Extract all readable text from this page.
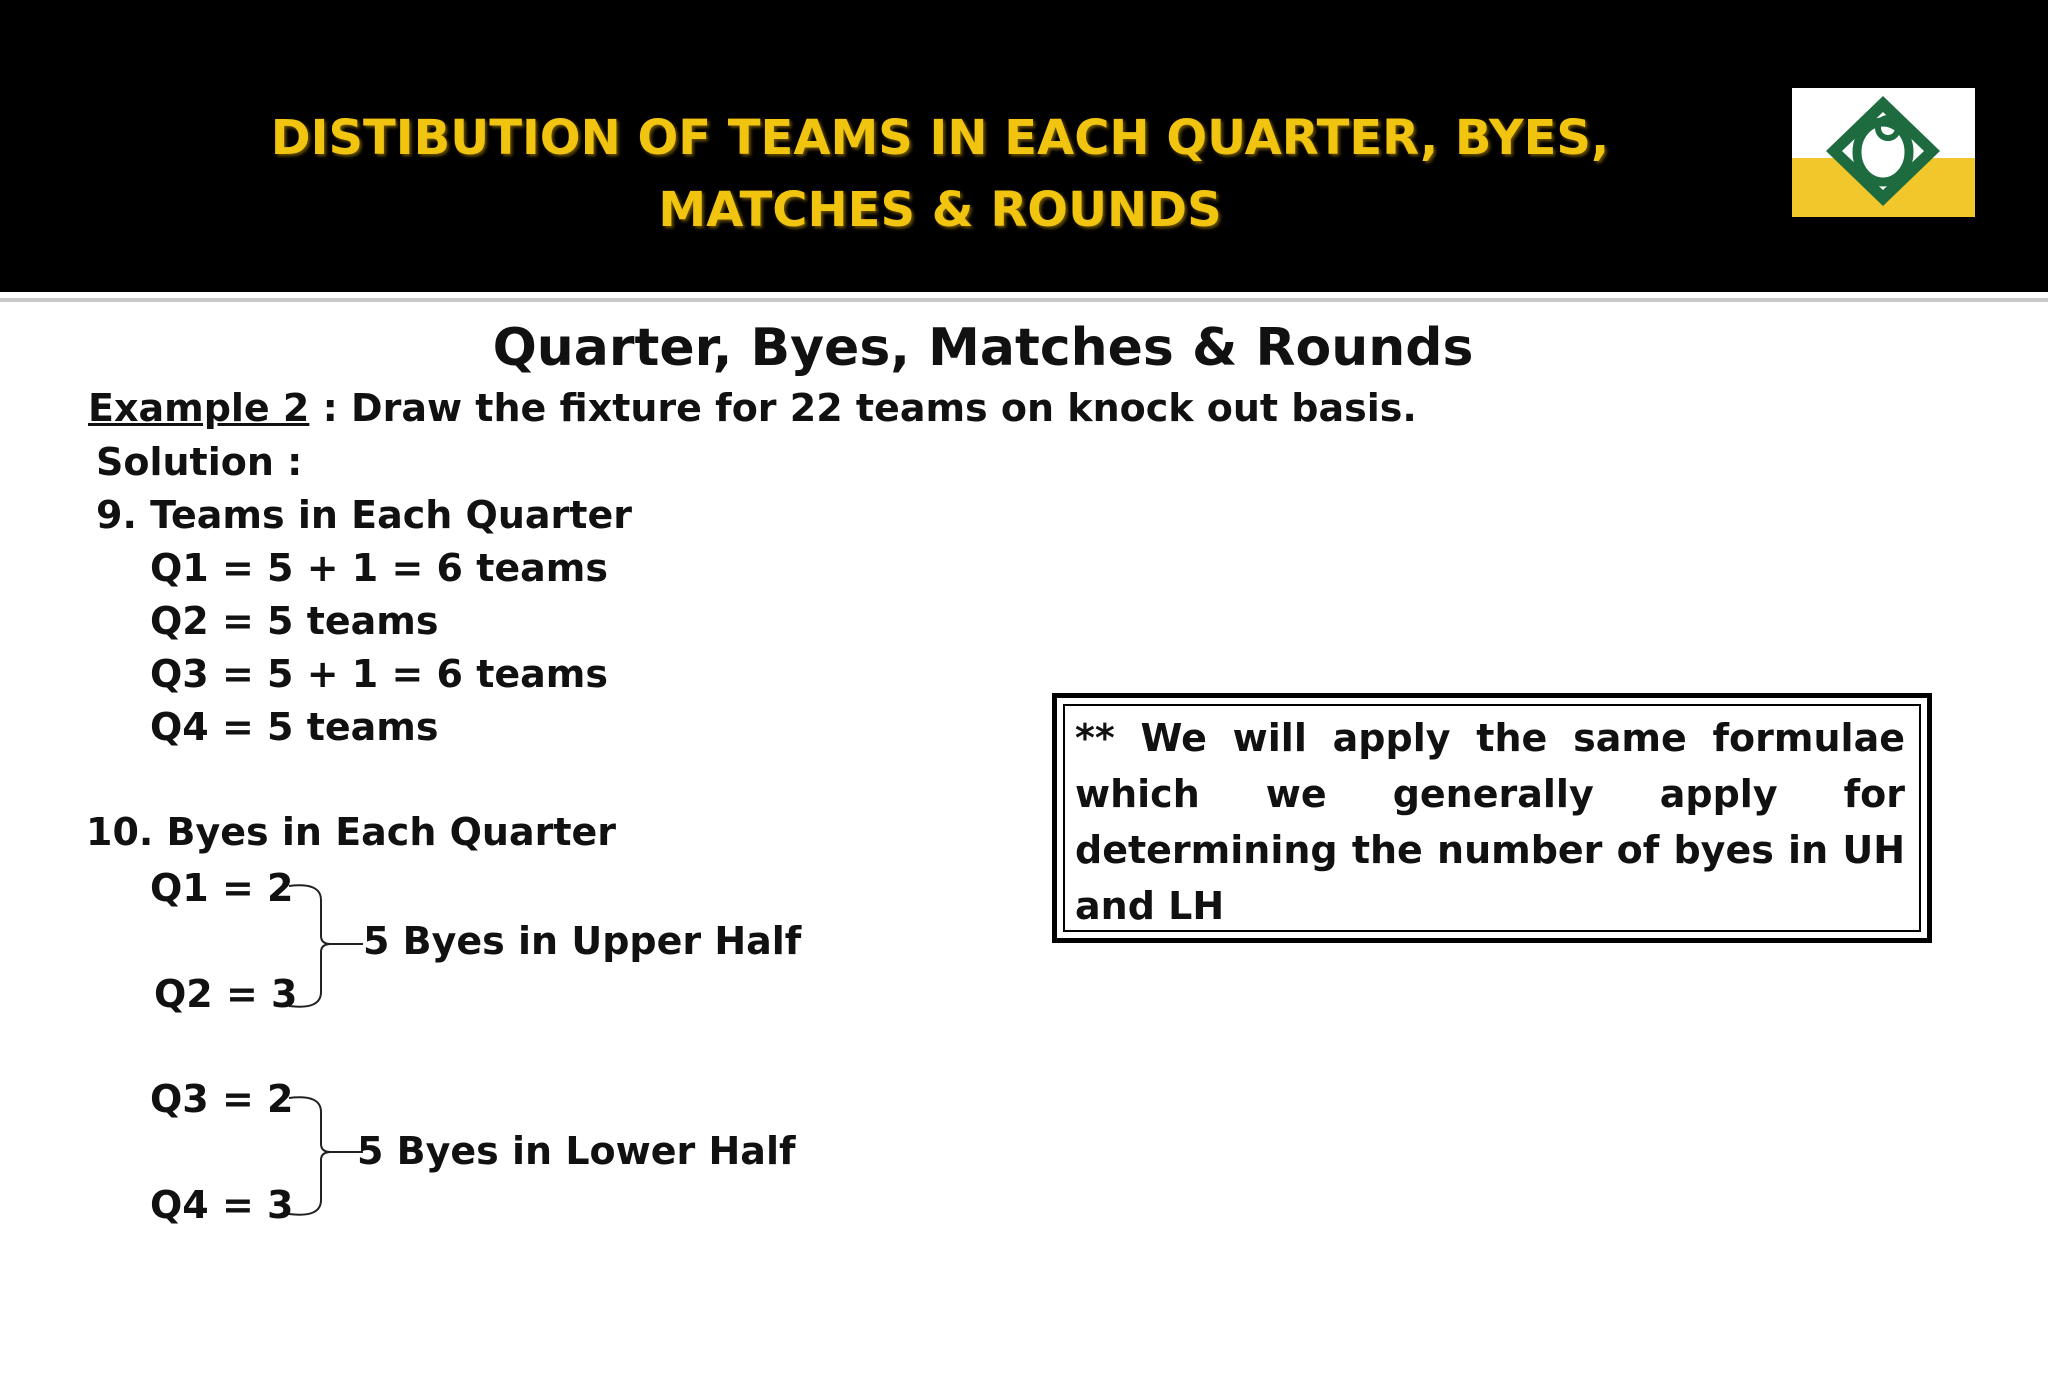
DISTIBUTION OF TEAMS IN EACH QUARTER, BYES,
MATCHES & ROUNDS
Quarter, Byes, Matches & Rounds
Example 2 : Draw the fixture for 22 teams on knock out basis.
Solution :
9. Teams in Each Quarter
Q1 = 5 + 1 = 6 teams
Q2 = 5 teams
Q3 = 5 + 1 = 6 teams
Q4 = 5 teams
10. Byes in Each Quarter
Q1 = 2
Q2 = 3
Q3 = 2
Q4 = 3
5 Byes in Upper Half
5 Byes in Lower Half
** We will apply the same formulae which we generally apply for determining the number of byes in UH and LH
